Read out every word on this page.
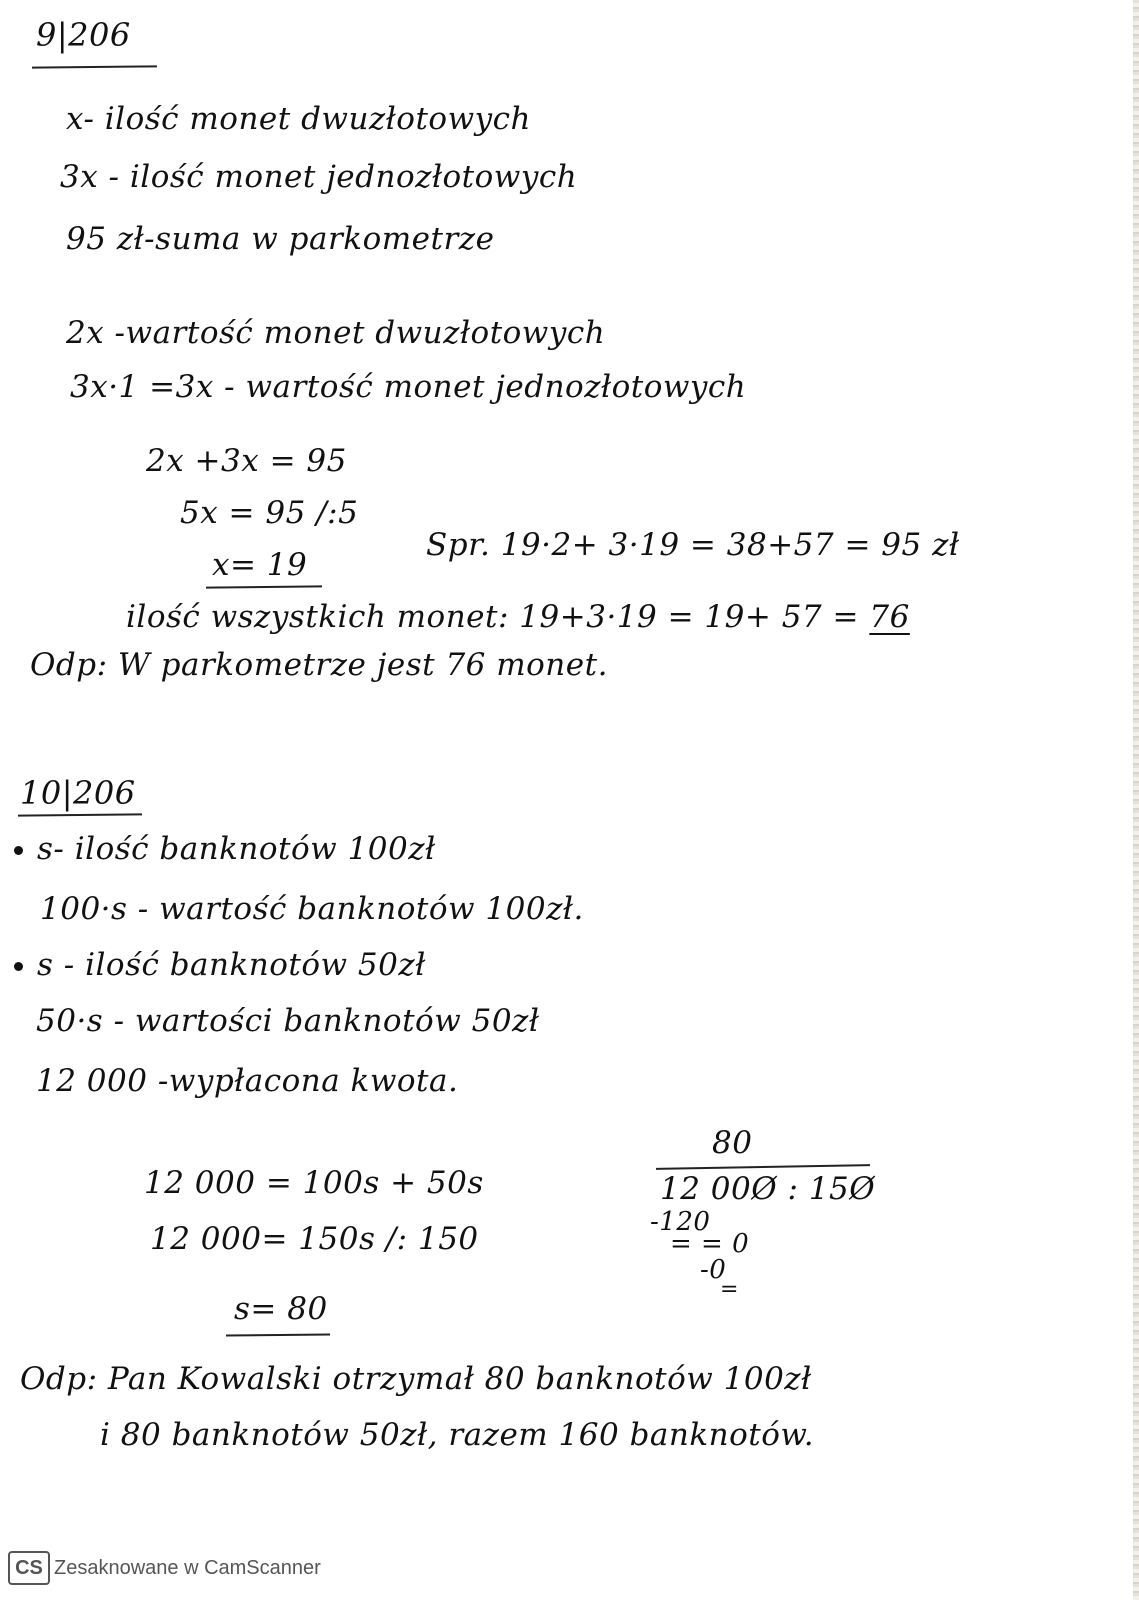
9|206
x- ilość monet dwuzłotowych
3x - ilość monet jednozłotowych
95 zł-suma w parkometrze
2x -wartość monet dwuzłotowych
3x·1 =3x - wartość monet jednozłotowych
2x +3x = 95
5x = 95 /:5
x= 19
Spr. 19·2+ 3·19 = 38+57 = 95 zł
ilość wszystkich monet: 19+3·19 = 19+ 57 = 76
Odp: W parkometrze jest 76 monet.
10|206
s- ilość banknotów 100zł
100·s - wartość banknotów 100zł.
s - ilość banknotów 50zł
50·s - wartości banknotów 50zł
12 000 -wypłacona kwota.
12 000 = 100s + 50s
12 000= 150s /: 150
s= 80
80
12 00Ø : 15Ø
-120
= = 0
-0
=
Odp: Pan Kowalski otrzymał 80 banknotów 100zł
i 80 banknotów 50zł, razem 160 banknotów.
CS Zesaknowane w CamScanner
